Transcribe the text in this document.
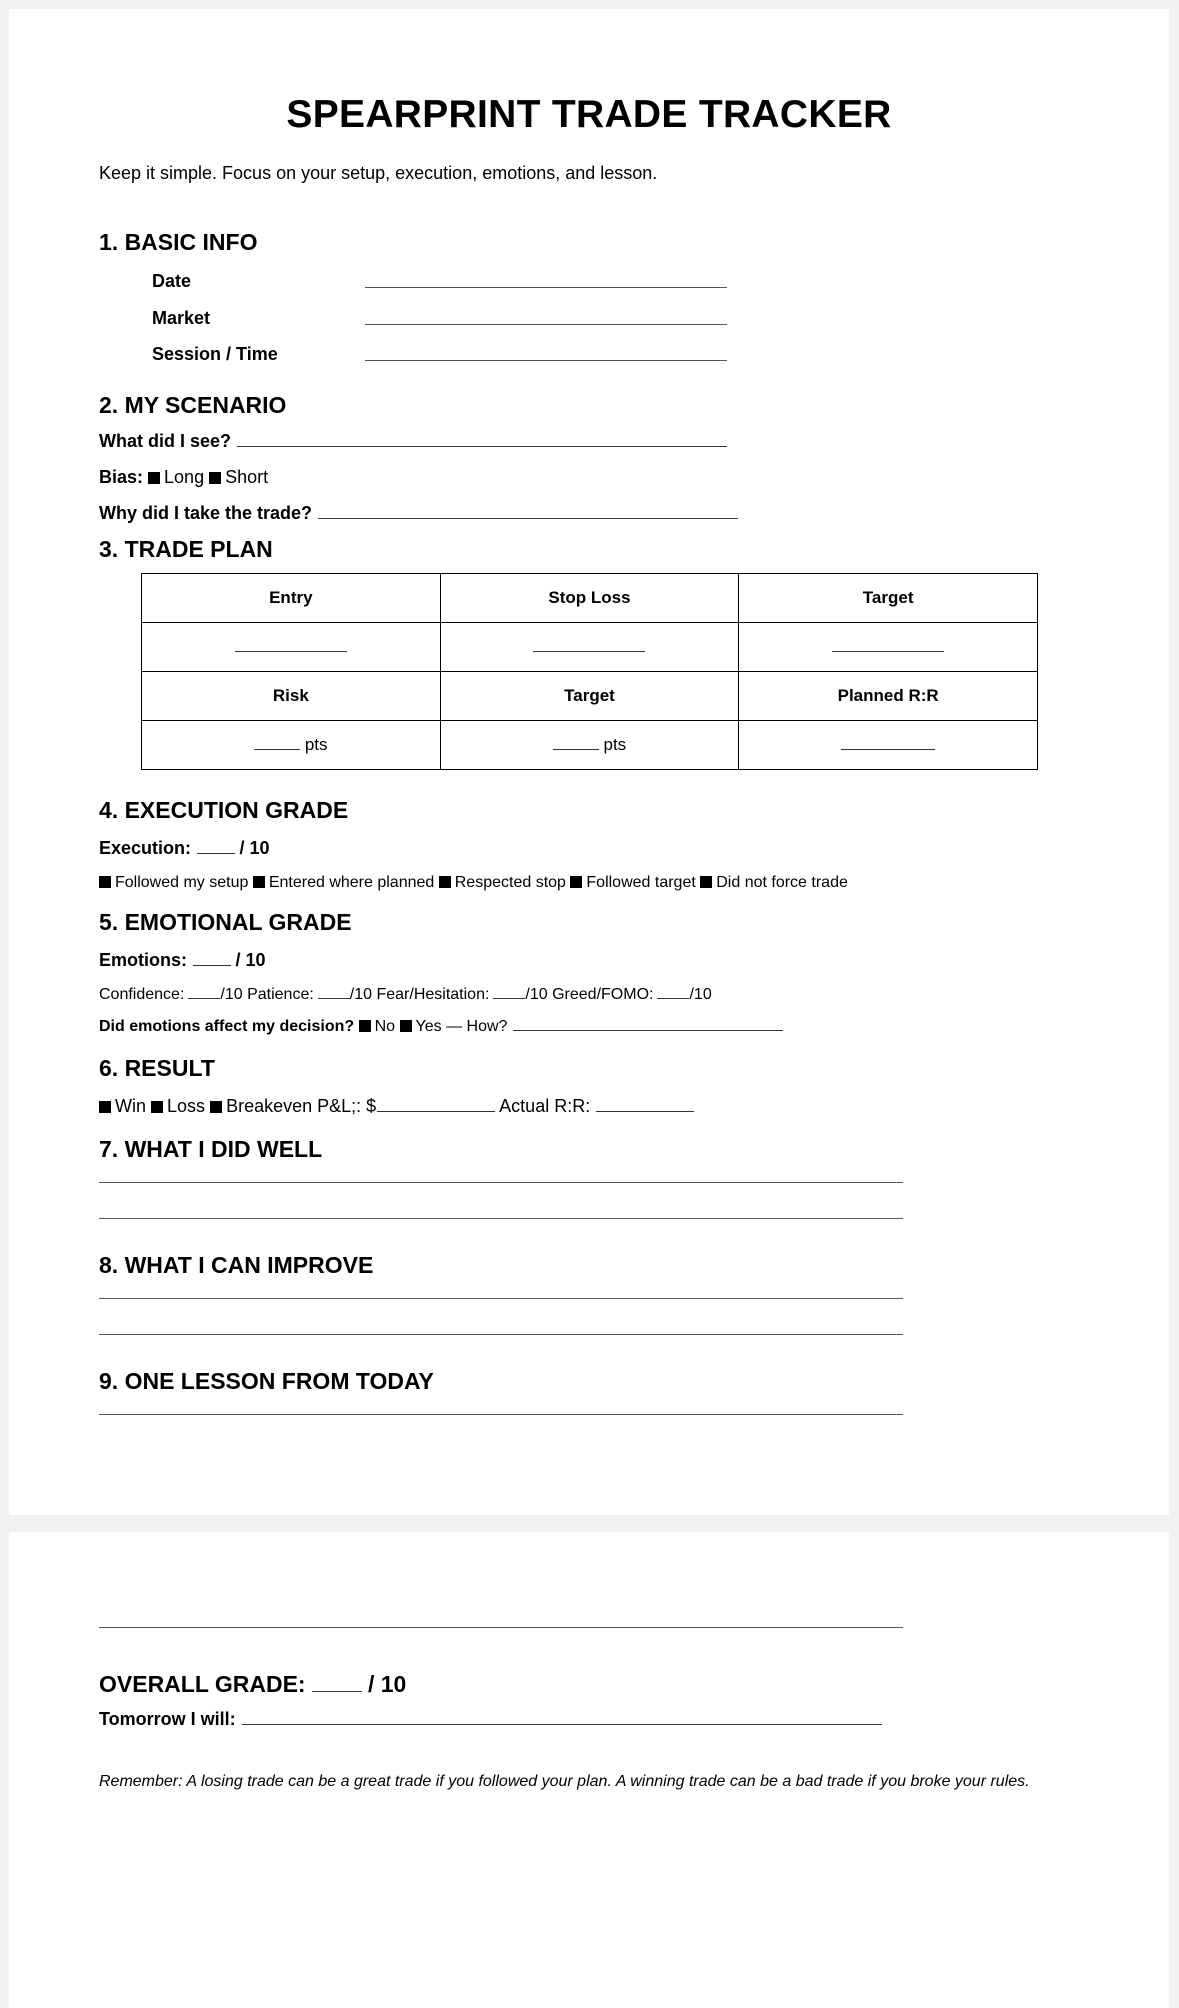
SPEARPRINT TRADE TRACKER
Keep it simple. Focus on your setup, execution, emotions, and lesson.
1. BASIC INFO
Date
Market
Session / Time
2. MY SCENARIO
What did I see?
Bias: Long Short
Why did I take the trade?
3. TRADE PLAN
Entry	Stop Loss	Target

Risk	Target	Planned R:R
pts	pts	
4. EXECUTION GRADE
Execution:	/ 10
Followed my setup Entered where planned Respected stop Followed target Did not force trade
5. EMOTIONAL GRADE
Emotions:	/ 10
Confidence: /10 Patience: /10 Fear/Hesitation: /10 Greed/FOMO: /10
Did emotions affect my decision? No Yes — How?
6. RESULT
Win Loss Breakeven P&L;: $	Actual R:R:
7. WHAT I DID WELL
8. WHAT I CAN IMPROVE
9. ONE LESSON FROM TODAY
OVERALL GRADE:	/ 10
Tomorrow I will:
Remember: A losing trade can be a great trade if you followed your plan. A winning trade can be a bad trade if you broke your rules.
